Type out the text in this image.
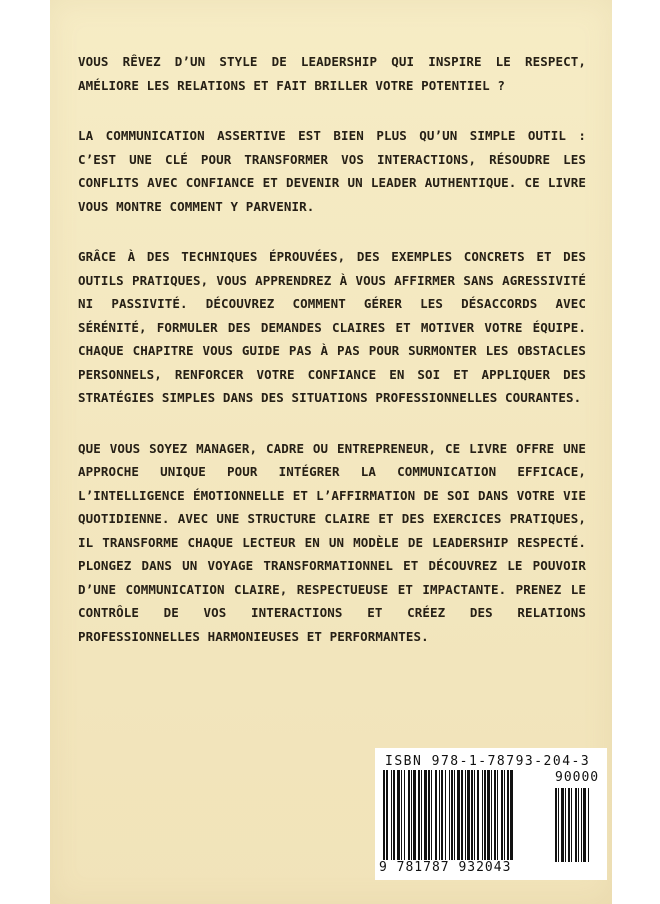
VOUS RÊVEZ D’UN STYLE DE LEADERSHIP QUI INSPIRE LE RESPECT, AMÉLIORE LES RELATIONS ET FAIT BRILLER VOTRE POTENTIEL ?

LA COMMUNICATION ASSERTIVE EST BIEN PLUS QU’UN SIMPLE OUTIL : C’EST UNE CLÉ POUR TRANSFORMER VOS INTERACTIONS, RÉSOUDRE LES CONFLITS AVEC CONFIANCE ET DEVENIR UN LEADER AUTHENTIQUE. CE LIVRE VOUS MONTRE COMMENT Y PARVENIR.

GRÂCE À DES TECHNIQUES ÉPROUVÉES, DES EXEMPLES CONCRETS ET DES OUTILS PRATIQUES, VOUS APPRENDREZ À VOUS AFFIRMER SANS AGRESSIVITÉ NI PASSIVITÉ. DÉCOUVREZ COMMENT GÉRER LES DÉSACCORDS AVEC SÉRÉNITÉ, FORMULER DES DEMANDES CLAIRES ET MOTIVER VOTRE ÉQUIPE. CHAQUE CHAPITRE VOUS GUIDE PAS À PAS POUR SURMONTER LES OBSTACLES PERSONNELS, RENFORCER VOTRE CONFIANCE EN SOI ET APPLIQUER DES STRATÉGIES SIMPLES DANS DES SITUATIONS PROFESSIONNELLES COURANTES.

QUE VOUS SOYEZ MANAGER, CADRE OU ENTREPRENEUR, CE LIVRE OFFRE UNE APPROCHE UNIQUE POUR INTÉGRER LA COMMUNICATION EFFICACE, L’INTELLIGENCE ÉMOTIONNELLE ET L’AFFIRMATION DE SOI DANS VOTRE VIE QUOTIDIENNE. AVEC UNE STRUCTURE CLAIRE ET DES EXERCICES PRATIQUES, IL TRANSFORME CHAQUE LECTEUR EN UN MODÈLE DE LEADERSHIP RESPECTÉ. PLONGEZ DANS UN VOYAGE TRANSFORMATIONNEL ET DÉCOUVREZ LE POUVOIR D’UNE COMMUNICATION CLAIRE, RESPECTUEUSE ET IMPACTANTE. PRENEZ LE CONTRÔLE DE VOS INTERACTIONS ET CRÉEZ DES RELATIONS PROFESSIONNELLES HARMONIEUSES ET PERFORMANTES.

ISBN 978-1-78793-204-3
90000
9 781787 932043
